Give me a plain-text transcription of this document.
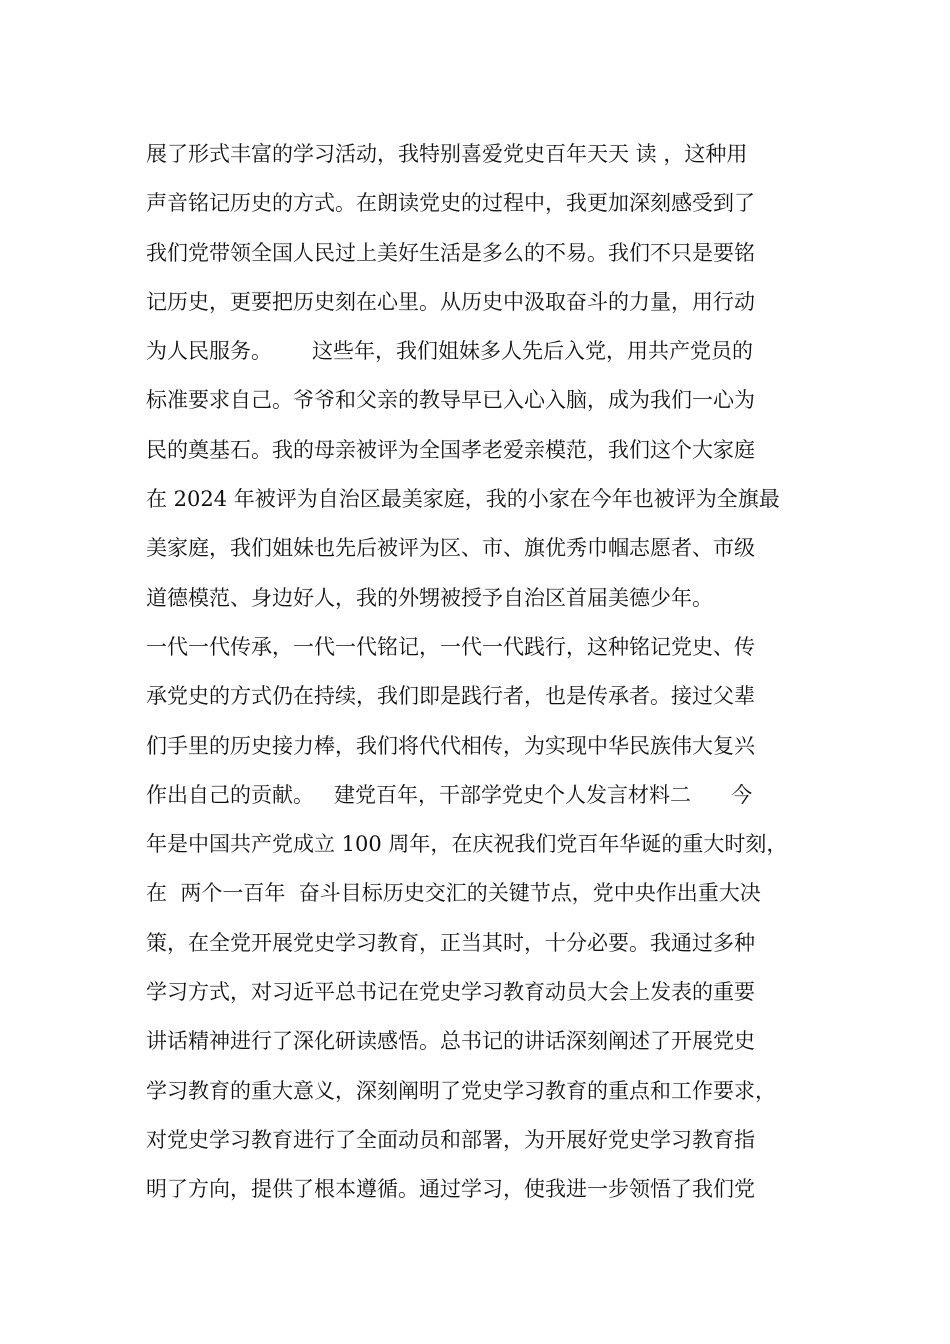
展了形式丰富的学习活动，我特别喜爱党史百年天天 读 ，这种用
声音铭记历史的方式。在朗读党史的过程中，我更加深刻感受到了
我们党带领全国人民过上美好生活是多么的不易。我们不只是要铭
记历史，更要把历史刻在心里。从历史中汲取奋斗的力量，用行动
为人民服务。      这些年，我们姐妹多人先后入党，用共产党员的
标准要求自己。爷爷和父亲的教导早已入心入脑，成为我们一心为
民的奠基石。我的母亲被评为全国孝老爱亲模范，我们这个大家庭
在 2024 年被评为自治区最美家庭，我的小家在今年也被评为全旗最
美家庭，我们姐妹也先后被评为区、市、旗优秀巾帼志愿者、市级
道德模范、身边好人，我的外甥被授予自治区首届美德少年。
一代一代传承，一代一代铭记，一代一代践行，这种铭记党史、传
承党史的方式仍在持续，我们即是践行者，也是传承者。接过父辈
们手里的历史接力棒，我们将代代相传，为实现中华民族伟大复兴
作出自己的贡献。   建党百年，干部学党史个人发言材料二      今
年是中国共产党成立 100 周年，在庆祝我们党百年华诞的重大时刻，
在  两个一百年  奋斗目标历史交汇的关键节点，党中央作出重大决
策，在全党开展党史学习教育，正当其时，十分必要。我通过多种
学习方式，对习近平总书记在党史学习教育动员大会上发表的重要
讲话精神进行了深化研读感悟。总书记的讲话深刻阐述了开展党史
学习教育的重大意义，深刻阐明了党史学习教育的重点和工作要求，
对党史学习教育进行了全面动员和部署，为开展好党史学习教育指
明了方向，提供了根本遵循。通过学习，使我进一步领悟了我们党
